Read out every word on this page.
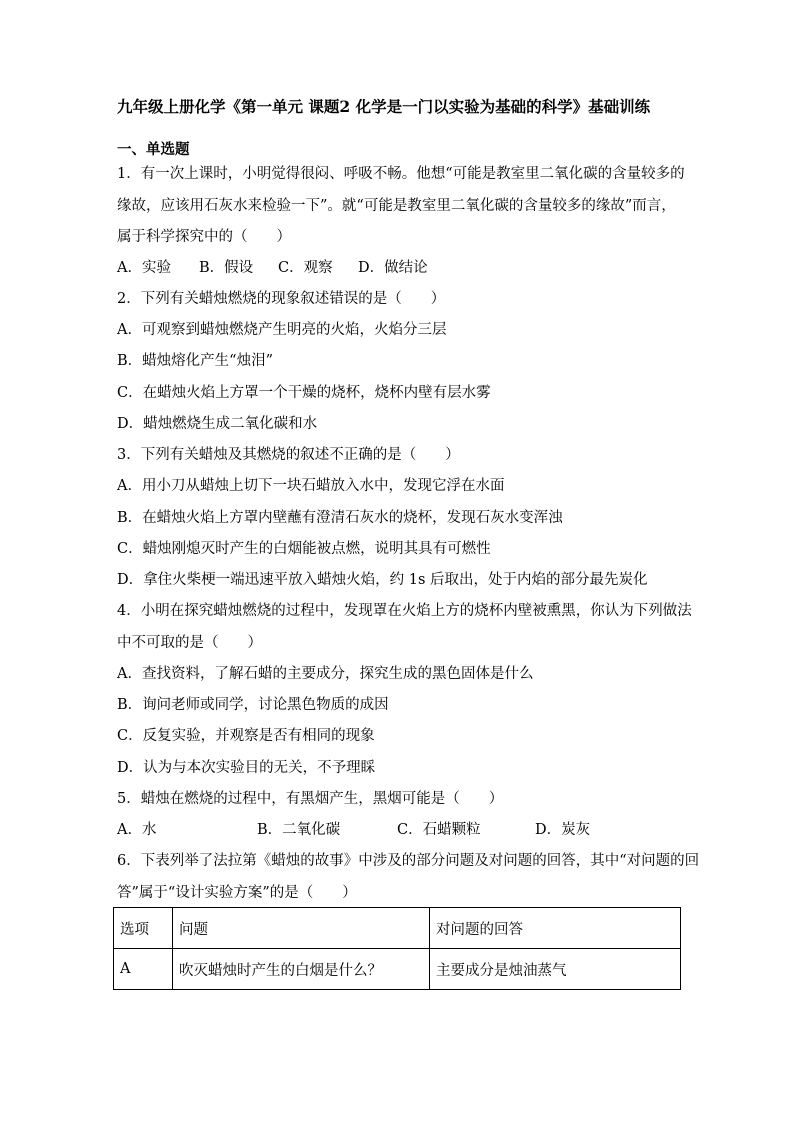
九年级上册化学《第一单元 课题2 化学是一门以实验为基础的科学》基础训练
一、单选题
1．有一次上课时，小明觉得很闷、呼吸不畅。他想“可能是教室里二氧化碳的含量较多的
缘故，应该用石灰水来检验一下”。就“可能是教室里二氧化碳的含量较多的缘故”而言，
属于科学探究中的（　　）
A．实验 B．假设 C．观察 D．做结论
2．下列有关蜡烛燃烧的现象叙述错误的是（　　）
A．可观察到蜡烛燃烧产生明亮的火焰，火焰分三层
B．蜡烛熔化产生“烛泪”
C．在蜡烛火焰上方罩一个干燥的烧杯，烧杯内壁有层水雾
D．蜡烛燃烧生成二氧化碳和水
3．下列有关蜡烛及其燃烧的叙述不正确的是（　　）
A．用小刀从蜡烛上切下一块石蜡放入水中，发现它浮在水面
B．在蜡烛火焰上方罩内壁蘸有澄清石灰水的烧杯，发现石灰水变浑浊
C．蜡烛刚熄灭时产生的白烟能被点燃，说明其具有可燃性
D．拿住火柴梗一端迅速平放入蜡烛火焰，约 1s 后取出，处于内焰的部分最先炭化
4．小明在探究蜡烛燃烧的过程中，发现罩在火焰上方的烧杯内壁被熏黑，你认为下列做法
中不可取的是（　　）
A．查找资料，了解石蜡的主要成分，探究生成的黑色固体是什么
B．询问老师或同学，讨论黑色物质的成因
C．反复实验，并观察是否有相同的现象
D．认为与本次实验目的无关，不予理睬
5．蜡烛在燃烧的过程中，有黑烟产生，黑烟可能是（　　）
A．水	B．二氧化碳	C．石蜡颗粒	D．炭灰
6．下表列举了法拉第《蜡烛的故事》中涉及的部分问题及对问题的回答，其中“对问题的回
答”属于“设计实验方案”的是（　　）
选项	问题	对问题的回答
A	吹灭蜡烛时产生的白烟是什么？	主要成分是烛油蒸气
